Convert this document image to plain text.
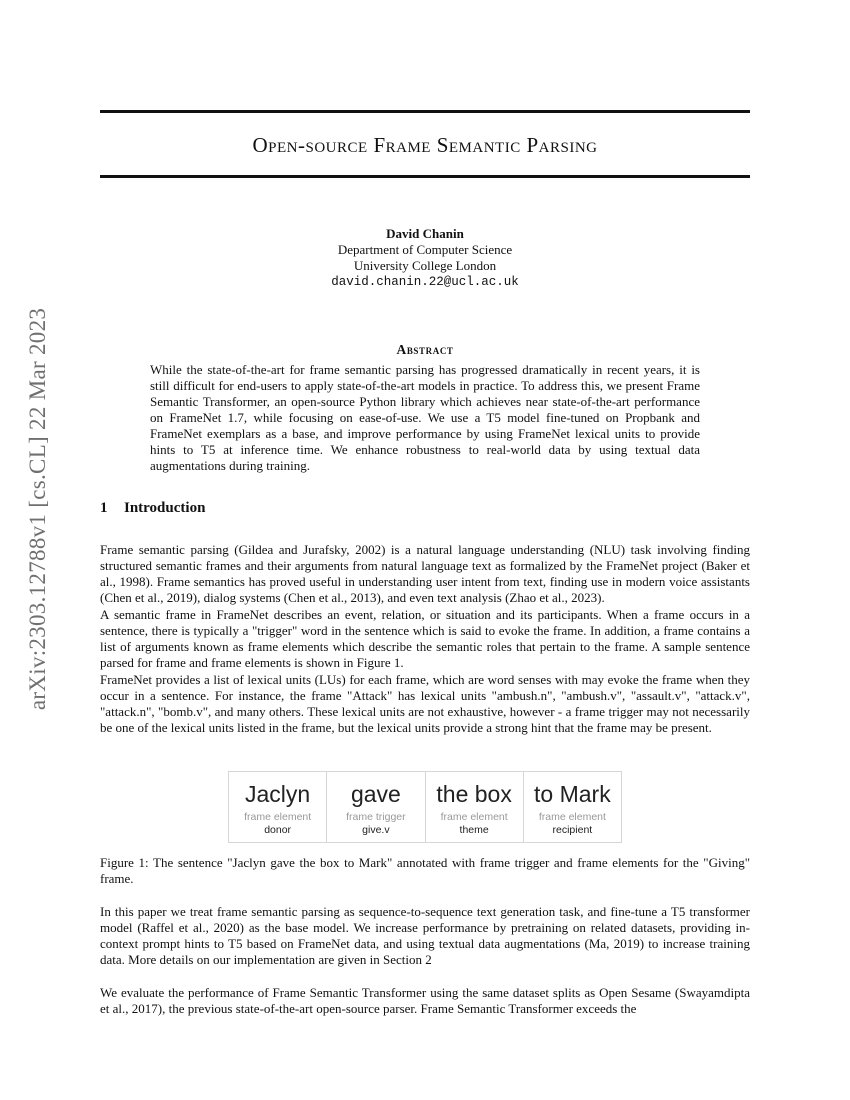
arXiv:2303.12788v1 [cs.CL] 22 Mar 2023
Open-source Frame Semantic Parsing
David Chanin
Department of Computer Science
University College London
david.chanin.22@ucl.ac.uk
Abstract
While the state-of-the-art for frame semantic parsing has progressed dramatically in recent years, it is still difficult for end-users to apply state-of-the-art models in practice. To address this, we present Frame Semantic Transformer, an open-source Python library which achieves near state-of-the-art performance on FrameNet 1.7, while focusing on ease-of-use. We use a T5 model fine-tuned on Propbank and FrameNet exemplars as a base, and improve performance by using FrameNet lexical units to provide hints to T5 at inference time. We enhance robustness to real-world data by using textual data augmentations during training.
1 Introduction

Frame semantic parsing (Gildea and Jurafsky, 2002) is a natural language understanding (NLU) task involving finding structured semantic frames and their arguments from natural language text as formalized by the FrameNet project (Baker et al., 1998). Frame semantics has proved useful in understanding user intent from text, finding use in modern voice assistants (Chen et al., 2019), dialog systems (Chen et al., 2013), and even text analysis (Zhao et al., 2023).

A semantic frame in FrameNet describes an event, relation, or situation and its participants. When a frame occurs in a sentence, there is typically a "trigger" word in the sentence which is said to evoke the frame. In addition, a frame contains a list of arguments known as frame elements which describe the semantic roles that pertain to the frame. A sample sentence parsed for frame and frame elements is shown in Figure 1.

FrameNet provides a list of lexical units (LUs) for each frame, which are word senses with may evoke the frame when they occur in a sentence. For instance, the frame "Attack" has lexical units "ambush.n", "ambush.v", "assault.v", "attack.v", "attack.n", "bomb.v", and many others. These lexical units are not exhaustive, however - a frame trigger may not necessarily be one of the lexical units listed in the frame, but the lexical units provide a strong hint that the frame may be present.

Jaclyn
frame element
donor
gave
frame trigger
give.v
the box
frame element
theme
to Mark
frame element
recipient
Figure 1: The sentence "Jaclyn gave the box to Mark" annotated with frame trigger and frame elements for the "Giving" frame.

In this paper we treat frame semantic parsing as sequence-to-sequence text generation task, and fine-tune a T5 transformer model (Raffel et al., 2020) as the base model. We increase performance by pretraining on related datasets, providing in-context prompt hints to T5 based on FrameNet data, and using textual data augmentations (Ma, 2019) to increase training data. More details on our implementation are given in Section 2

We evaluate the performance of Frame Semantic Transformer using the same dataset splits as Open Sesame (Swayamdipta et al., 2017), the previous state-of-the-art open-source parser. Frame Semantic Transformer exceeds the
